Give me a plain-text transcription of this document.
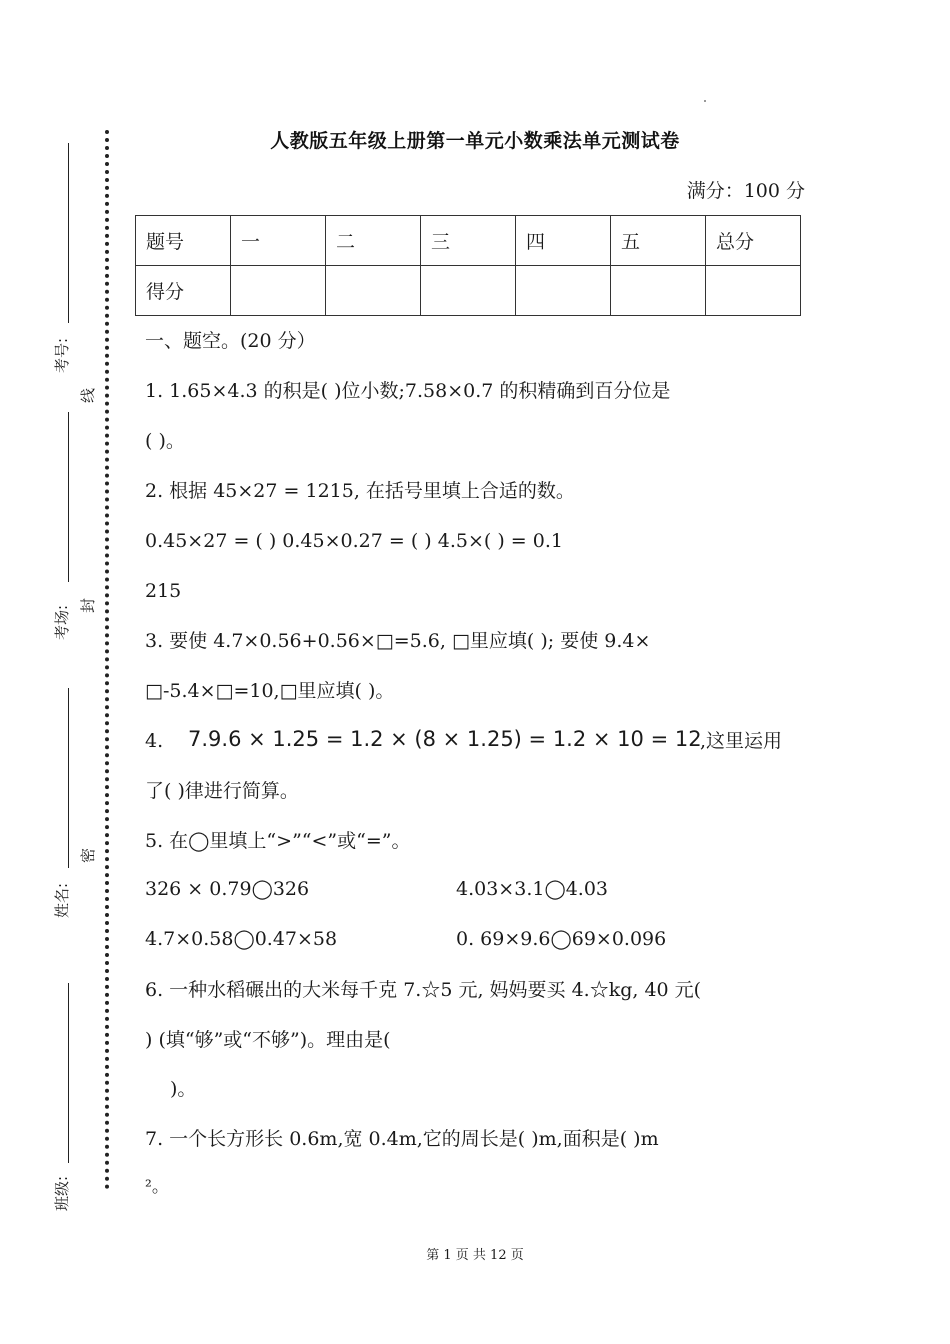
考号:
线
考场: 封
姓名:
密
班级:
人教版五年级上册第一单元小数乘法单元测试卷
满分：100 分
题号	一	二	三	四	五	总分
得分						
一、题空。(20 分）
1. 1.65×4.3 的积是( )位小数;7.58×0.7 的积精确到百分位是
( )。
2. 根据 45×27 = 1215, 在括号里填上合适的数。
0.45×27 = ( ) 0.45×0.27 = ( ) 4.5×( ) = 0.1
215
3. 要使 4.7×0.56+0.56×□=5.6, □里应填( ); 要使 9.4×
□-5.4×□=10,□里应填( )。
4. 7.9.6 × 1.25 = 1.2 × (8 × 1.25) = 1.2 × 10 = 12
,这里运用
了( )律进行简算。
5. 在◯里填上“>”“<”或“=”。
326 × 0.79◯326	4.03×3.1◯4.03
4.7×0.58◯0.47×58	0. 69×9.6◯69×0.096
6. 一种水稻碾出的大米每千克 7.☆5 元, 妈妈要买 4.☆kg, 40 元(
) (填“够”或“不够”)。理由是(
)。
7. 一个长方形长 0.6m,宽 0.4m,它的周长是( )m,面积是( )m
²。
第 1 页 共 12 页
